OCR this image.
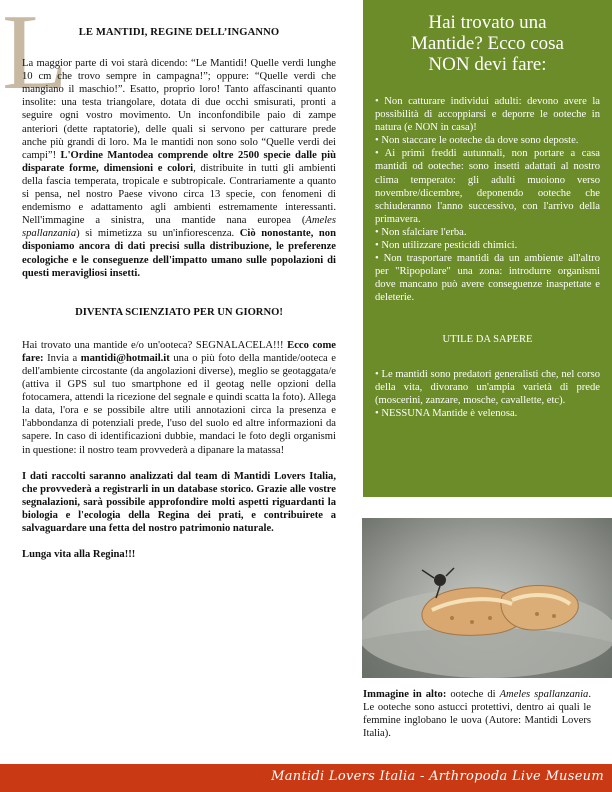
L	LE MANTIDI, REGINE DELL’INGANNO

La maggior parte di voi starà dicendo: “Le Mantidi! Quelle verdi lunghe 10 cm che trovo sempre in campagna!”; oppure: “Quelle verdi che mangiano il maschio!”. Esatto, proprio loro! Tanto affascinanti quanto insolite: una testa triangolare, dotata di due occhi smisurati, pronti a seguire ogni vostro movimento. Un inconfondibile paio di zampe anteriori (dette raptatorie), delle quali si servono per catturare prede anche più grandi di loro. Ma le mantidi non sono solo “Quelle verdi dei campi”! L'Ordine Mantodea comprende oltre 2500 specie dalle più disparate forme, dimensioni e colori, distribuite in tutti gli ambienti della fascia temperata, tropicale e subtropicale. Contrariamente a quanto si pensa, nel nostro Paese vivono circa 13 specie, con fenomeni di endemismo e adattamento agli ambienti estremamente interessanti. Nell'immagine a sinistra, una mantide nana europea (Ameles spallanzania) si mimetizza su un'infiorescenza. Ciò nonostante, non disponiamo ancora di dati precisi sulla distribuzione, le preferenze ecologiche e le conseguenze dell'impatto umano sulle popolazioni di questi meravigliosi insetti.

DIVENTA SCIENZIATO PER UN GIORNO!

Hai trovato una mantide e/o un'ooteca? SEGNALACELA!!! Ecco come fare: Invia a mantidi@hotmail.it una o più foto della mantide/ooteca e dell'ambiente circostante (da angolazioni diverse), meglio se geotaggata/e (attiva il GPS sul tuo smartphone ed il geotag nelle opzioni della fotocamera, attendi la ricezione del segnale e quindi scatta la foto). Allega la data, l'ora e se possibile altre utili annotazioni circa la presenza e l'abbondanza di potenziali prede, l'uso del suolo ed altre informazioni da sapere. In caso di identificazioni dubbie, mandaci le foto degli organismi in questione: il nostro team provvederà a dipanare la matassa!

I dati raccolti saranno analizzati dal team di Mantidi Lovers Italia, che provvederà a registrarli in un database storico. Grazie alle vostre segnalazioni, sarà possibile approfondire molti aspetti riguardanti la biologia e l'ecologia della Regina dei prati, e contribuirete a salvaguardare una fetta del nostro patrimonio naturale.

Lunga vita alla Regina!!!

Hai trovato una
Mantide? Ecco cosa
NON devi fare:
• Non catturare individui adulti: devono avere la possibilità di accoppiarsi e deporre le ooteche in natura (e NON in casa)!
• Non staccare le ooteche da dove sono deposte.
• Ai primi freddi autunnali, non portare a casa mantidi od ooteche: sono insetti adattati al nostro clima temperato: gli adulti muoiono verso novembre/dicembre, deponendo ooteche che schiuderanno l'anno successivo, con l'arrivo della primavera.
• Non sfalciare l'erba.
• Non utilizzare pesticidi chimici.
• Non trasportare mantidi da un ambiente all'altro per "Ripopolare" una zona: introdurre organismi dove mancano può avere conseguenze inaspettate e deleterie.
UTILE DA SAPERE
• Le mantidi sono predatori generalisti che, nel corso della vita, divorano un'ampia varietà di prede (moscerini, zanzare, mosche, cavallette, etc).
• NESSUNA Mantide è velenosa.
Immagine in alto: ooteche di Ameles spallanzania. Le ooteche sono astucci protettivi, dentro ai quali le femmine inglobano le uova (Autore: Mantidi Lovers Italia).
Mantidi Lovers Italia - Arthropoda Live Museum
